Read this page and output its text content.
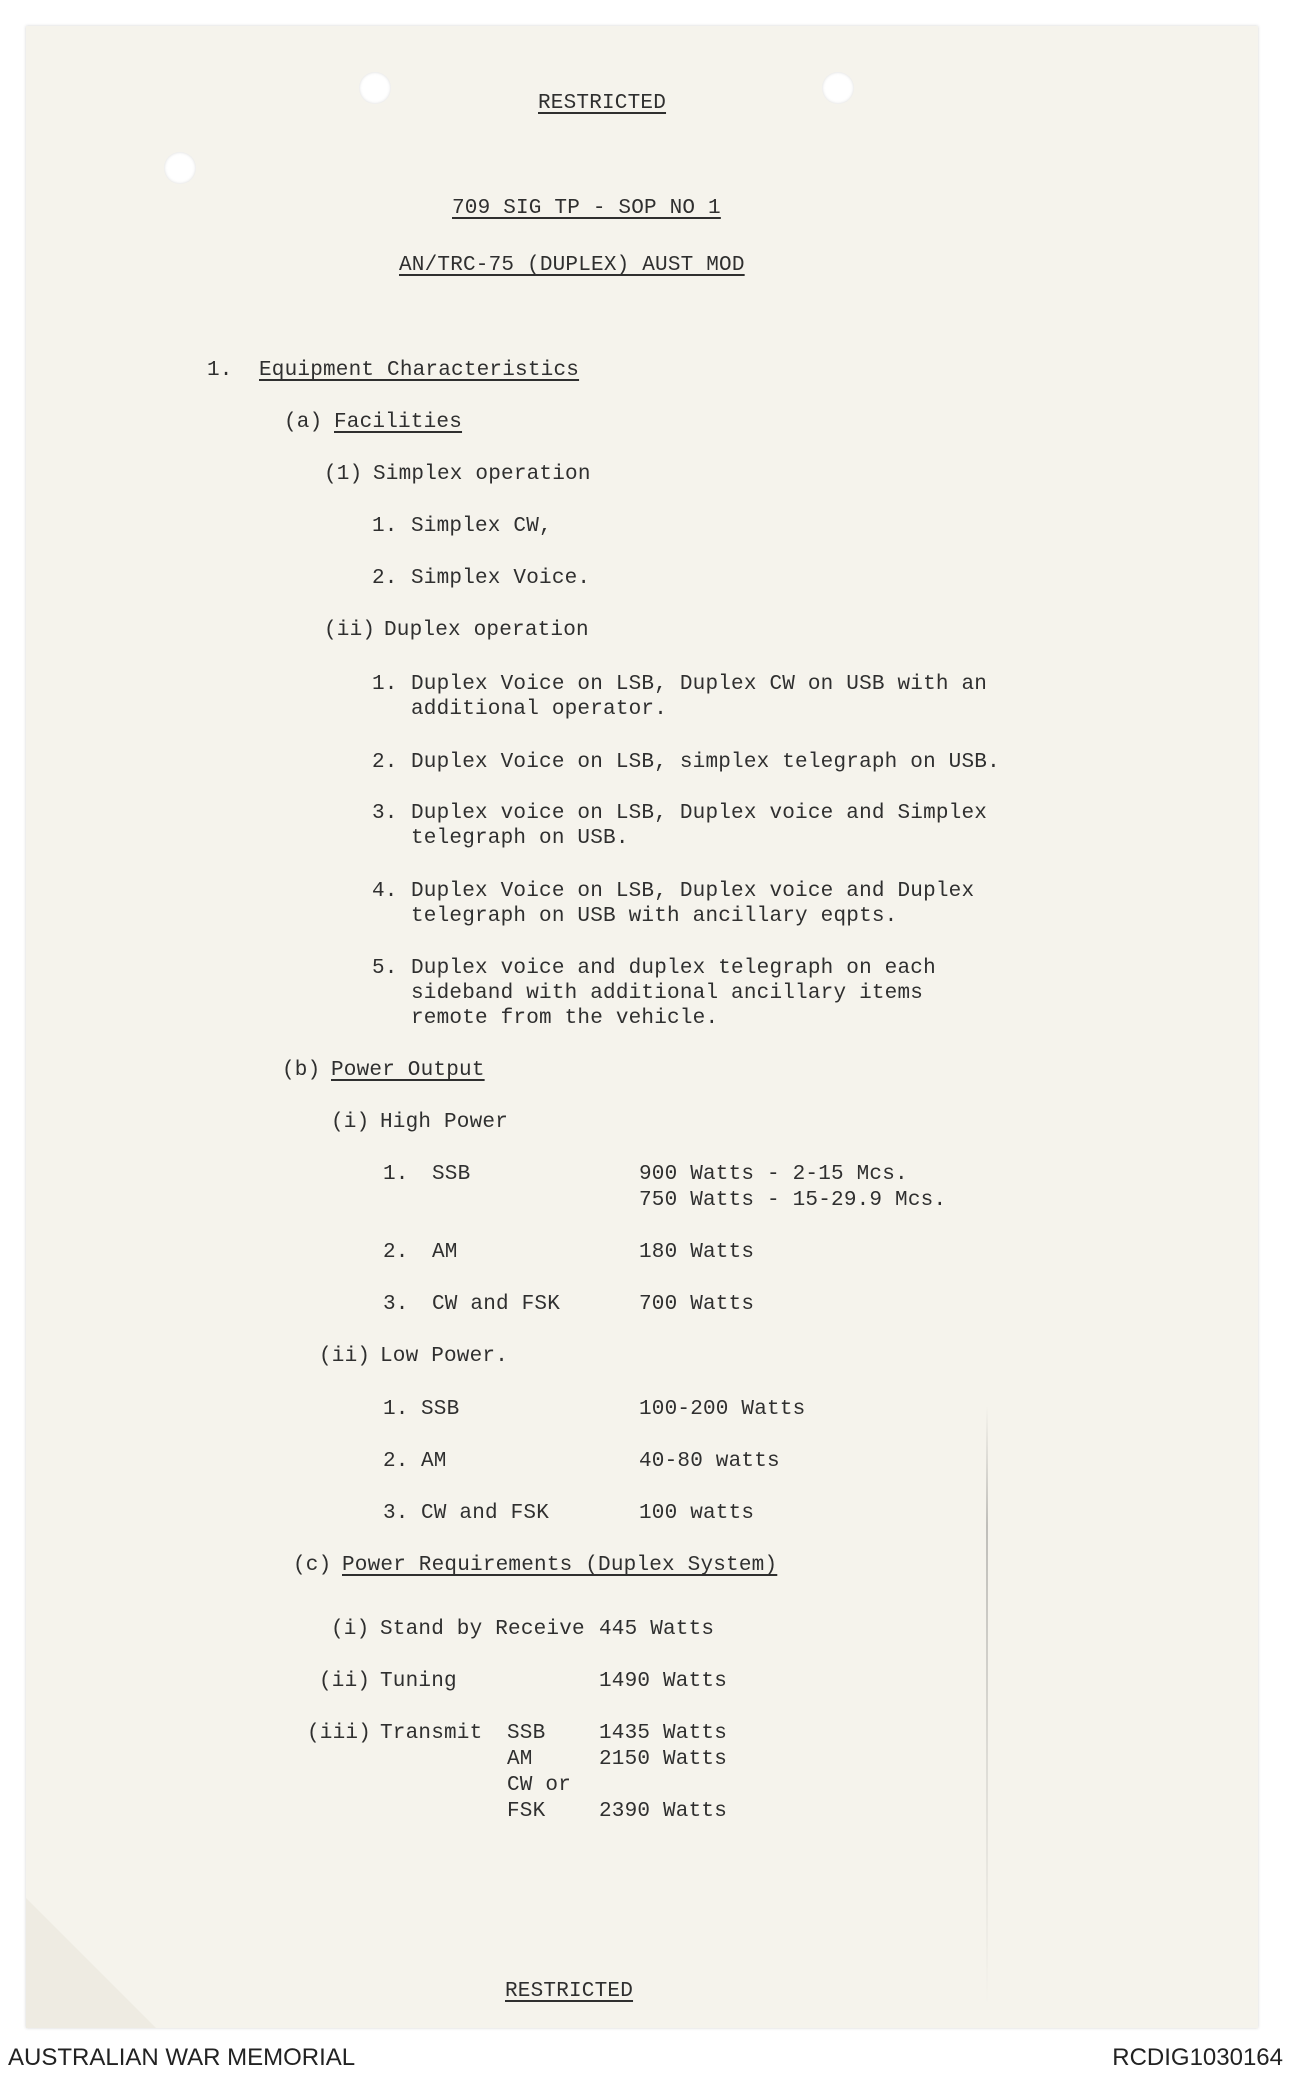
RESTRICTED
709 SIG TP - SOP NO 1
AN/TRC-75 (DUPLEX) AUST MOD
1. Equipment Characteristics
(a) Facilities
(1) Simplex operation
1. Simplex CW,
2. Simplex Voice.
(ii) Duplex operation
1. Duplex Voice on LSB, Duplex CW on USB with an
additional operator.
2. Duplex Voice on LSB, simplex telegraph on USB.
3. Duplex voice on LSB, Duplex voice and Simplex
telegraph on USB.
4. Duplex Voice on LSB, Duplex voice and Duplex
telegraph on USB with ancillary eqpts.
5. Duplex voice and duplex telegraph on each
sideband with additional ancillary items
remote from the vehicle.
(b) Power Output
(i) High Power
1. SSB	900 Watts - 2-15 Mcs.
750 Watts - 15-29.9 Mcs.
2. AM	180 Watts
3. CW and FSK	700 Watts
(ii) Low Power.
1. SSB	100-200 Watts
2. AM	40-80 watts
3. CW and FSK	100 watts
(c) Power Requirements (Duplex System)
(i) Stand by Receive 445 Watts
(ii) Tuning	1490 Watts
(iii) Transmit SSB	1435 Watts
AM	2150 Watts
CW or
FSK	2390 Watts
RESTRICTED
AUSTRALIAN WAR MEMORIAL	RCDIG1030164
